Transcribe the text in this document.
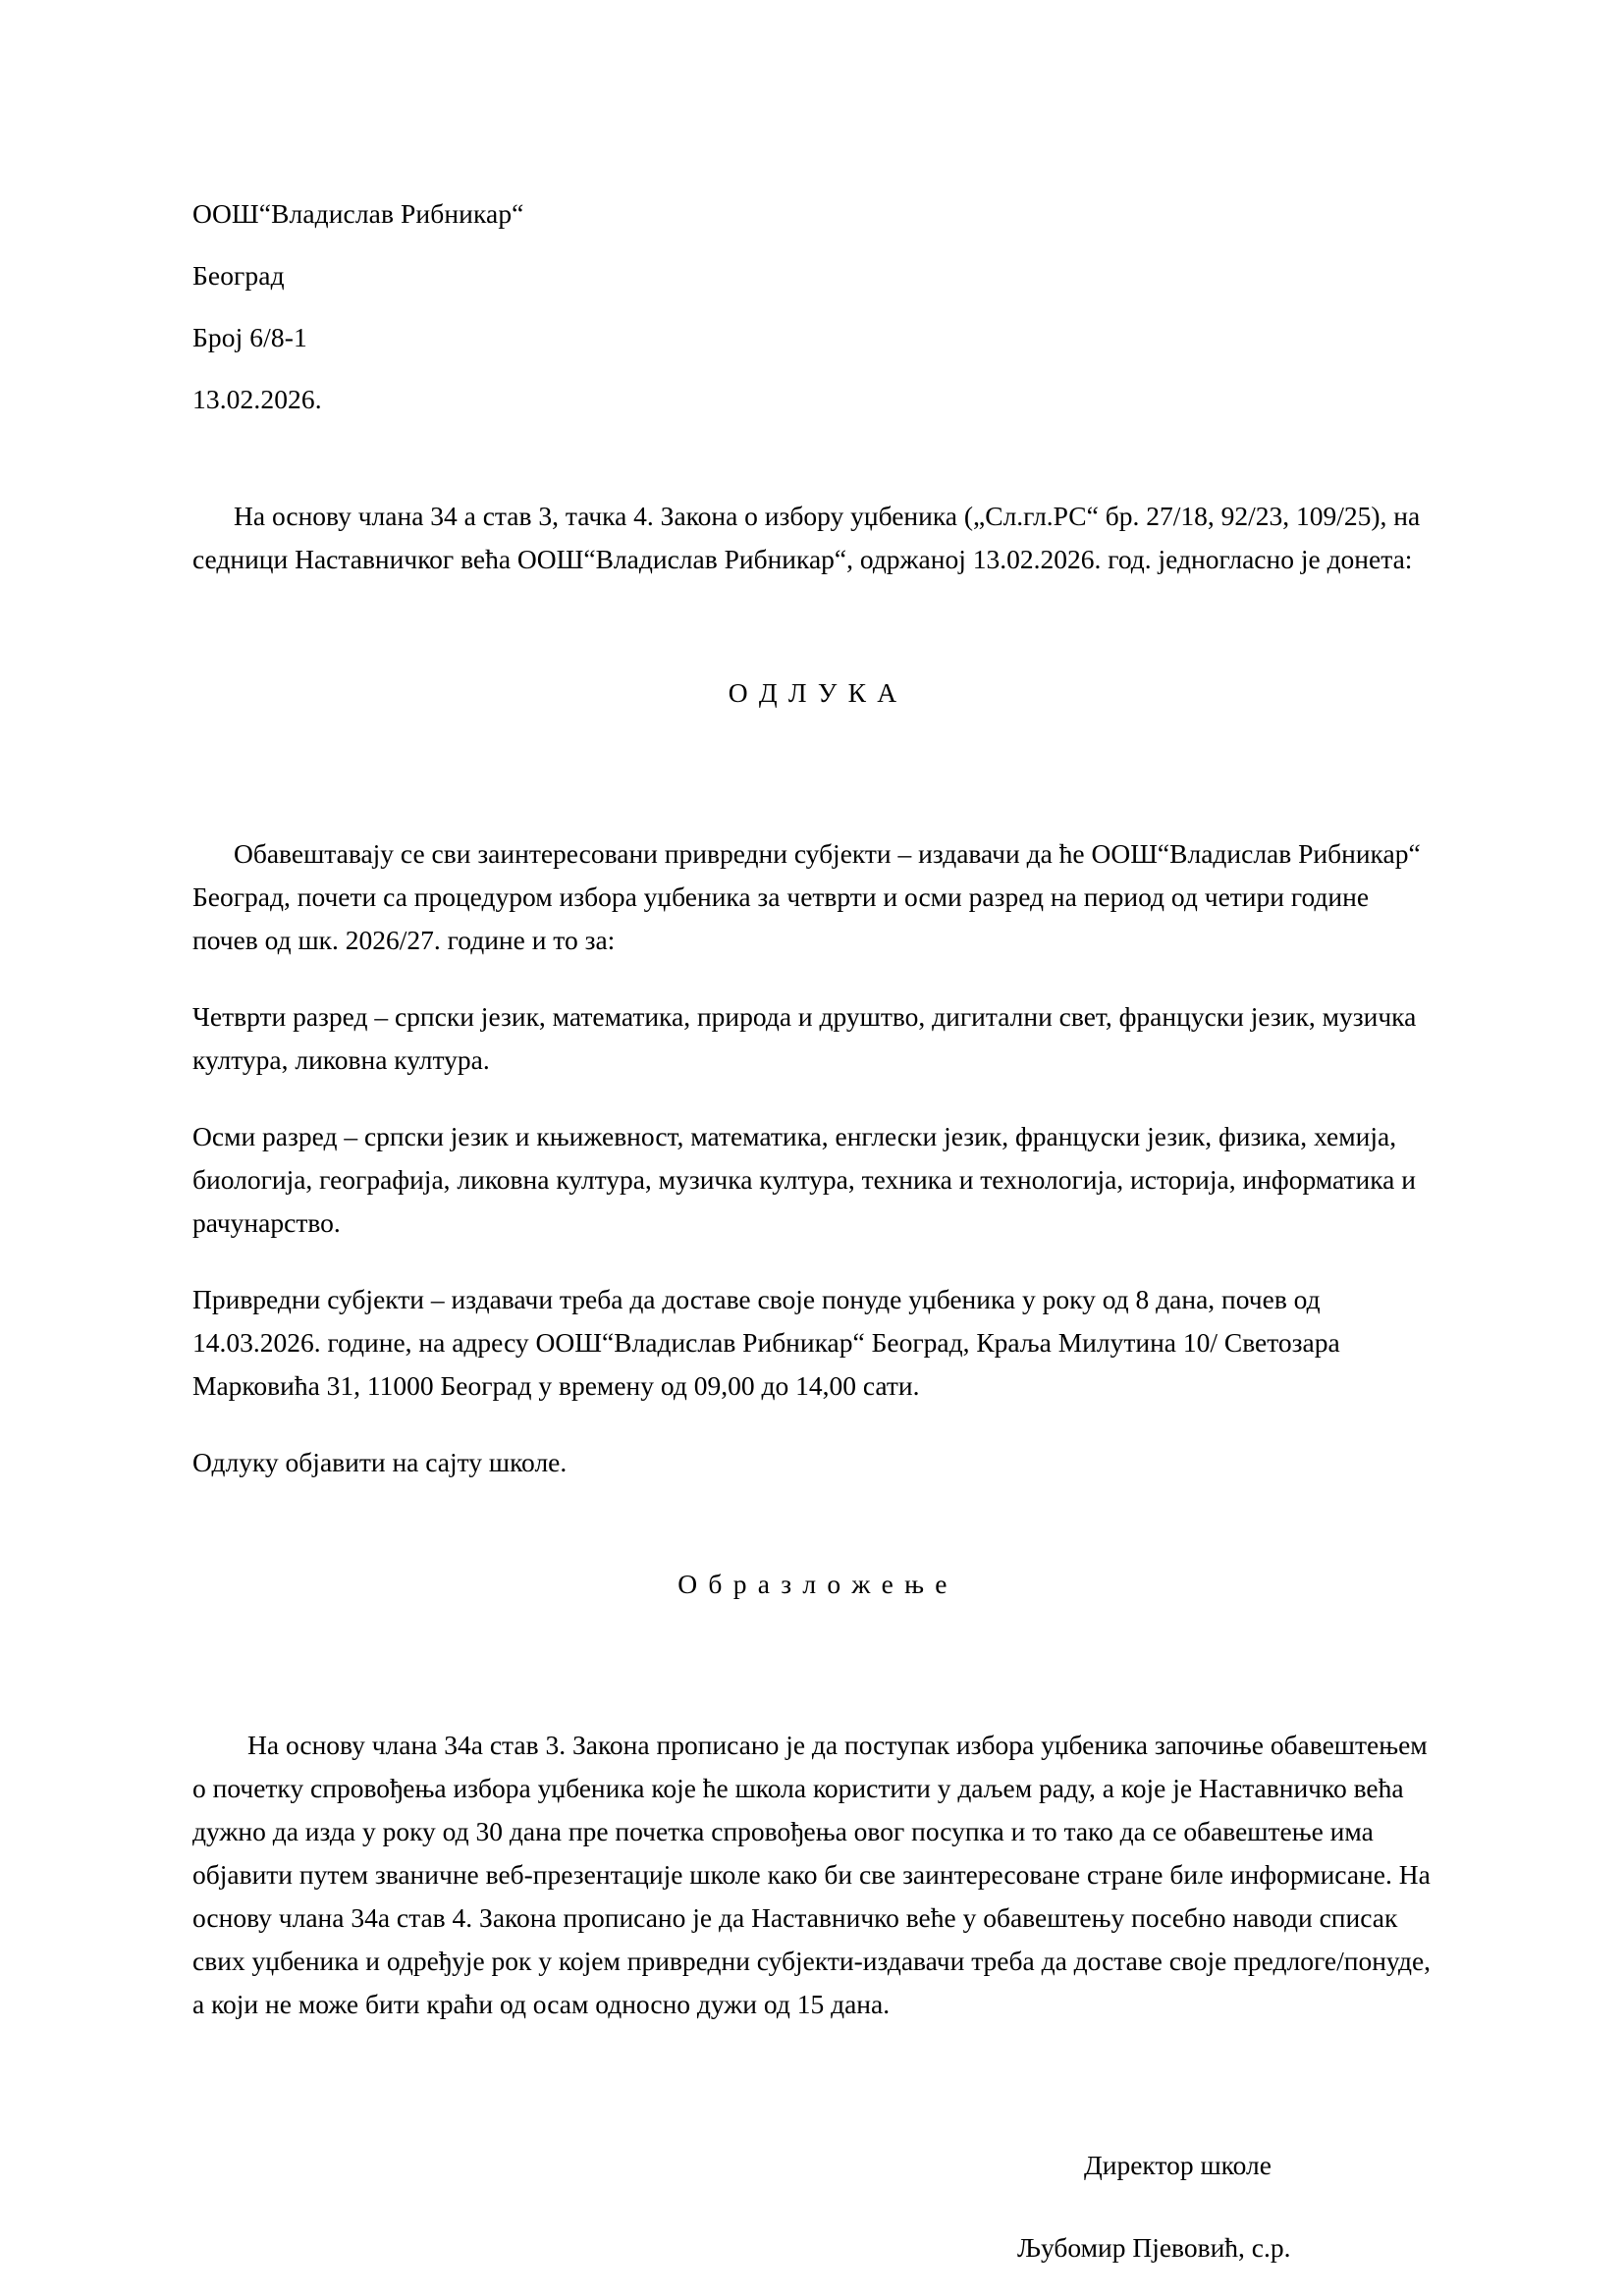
ООШ“Владислав Рибникар“
Београд
Број 6/8-1
13.02.2026.

На основу члана 34 а став 3, тачка 4. Закона о избору уџбеника („Сл.гл.РС“ бр. 27/18, 92/23, 109/25), на седници Наставничког већа ООШ“Владислав Рибникар“, одржаној 13.02.2026. год. једногласно је донета:

О Д Л У К А

Обавештавају се сви заинтересовани привредни субјекти – издавачи да ће ООШ“Владислав Рибникар“ Београд, почети са процедуром избора уџбеника за четврти и осми разред на период од четири године почев од шк. 2026/27. године и то за:

Четврти разред – српски језик, математика, природа и друштво, дигитални свет, француски језик, музичка култура, ликовна култура.

Осми разред – српски језик и књижевност, математика, енглески језик, француски језик, физика, хемија, биологија, географија, ликовна култура, музичка култура, техника и технологија, историја, информатика и рачунарство.

Привредни субјекти – издавачи треба да доставе своје понуде уџбеника у року од 8 дана, почев од 14.03.2026. године, на адресу ООШ“Владислав Рибникар“ Београд, Краља Милутина 10/ Светозара Марковића 31, 11000 Београд у времену од 09,00 до 14,00 сати.

Одлуку објавити на сајту школе.

О б р а з л о ж е њ е

На основу члана 34а став 3. Закона прописано је да поступак избора уџбеника започиње обавештењем о почетку спровођења избора уџбеника које ће школа користити у даљем раду, а које је Наставничко већа дужно да изда у року од 30 дана пре почетка спровођења овог посупка и то тако да се обавештење има објавити путем званичне веб-презентације школе како би све заинтересоване стране биле информисане. На основу члана 34а став 4. Закона прописано је да Наставничко веће у обавештењу посебно наводи списак свих уџбеника и одређује рок у којем привредни субјекти-издавачи треба да доставе своје предлоге/понуде, а који не може бити краћи од осам односно дужи од 15 дана.

Директор школе
Љубомир Пјевовић, с.р.
